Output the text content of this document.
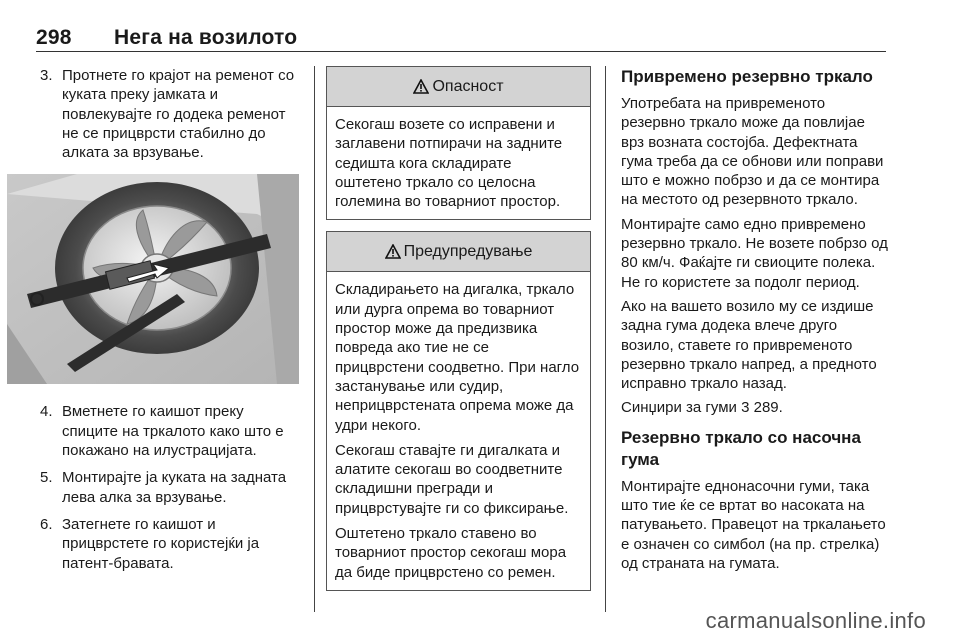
298 Нега на возилото
3. Протнете го крајот на ременот со куката преку јамката и повлекувајте го додека ременот не се прицврсти стабилно до алката за врзување.
4. Вметнете го каишот преку спиците на тркалото како што е покажано на илустрацијата.
5. Монтирајте ја куката на задната лева алка за врзување.
6. Затегнете го каишот и прицврстете го користејќи ја патент-бравата.
Опасност

Секогаш возете со исправени и заглавени потпирачи на задните седишта кога складирате оштетено тркало со целосна големина во товарниот простор.

Предупредување

Складирањето на дигалка, тркало или дурга опрема во товарниот простор може да предизвика повреда ако тие не се прицврстени соодветно. При нагло застанување или судир, неприцврстената опрема може да удри некого.

Секогаш ставајте ги дигалката и алатите секогаш во соодветните складишни прегради и прицврстувајте ги со фиксирање.

Оштетено тркало ставено во товарниот простор секогаш мора да биде прицврстено со ремен.

Привремено резервно тркало

Употребата на привременото резервно тркало може да повлијае врз возната состојба. Дефектната гума треба да се обнови или поправи што е можно побрзо и да се монтира на местото од резервното тркало.

Монтирајте само едно привремено резервно тркало. Не возете побрзо од 80 км/ч. Фаќајте ги свиоците полека. Не го користете за подолг период.

Ако на вашето возило му се издише задна гума додека влече друго возило, ставете го привременото резервно тркало напред, а предното исправно тркало назад.

Синџири за гуми 3 289.

Резервно тркало со насочна гума

Монтирајте еднонасочни гуми, така што тие ќе се вртат во насоката на патувањето. Правецот на тркалањето е означен со симбол (на пр. стрелка) од страната на гумата.

carmanualsonline.info
